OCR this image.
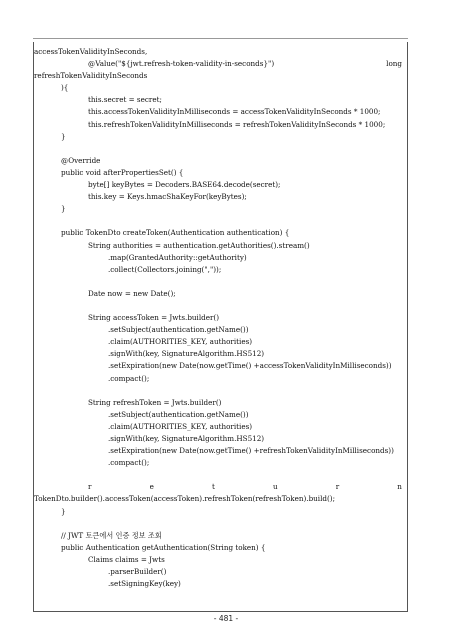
accessTokenValidityInSeconds,
@Value("${jwt.refresh-token-validity-in-seconds}")	long
refreshTokenValidityInSeconds
){
this.secret = secret;
this.accessTokenValidityInMilliseconds = accessTokenValidityInSeconds * 1000;
this.refreshTokenValidityInMilliseconds = refreshTokenValidityInSeconds * 1000;
}
@Override
public void afterPropertiesSet() {
byte[] keyBytes = Decoders.BASE64.decode(secret);
this.key = Keys.hmacShaKeyFor(keyBytes);
}
public TokenDto createToken(Authentication authentication) {
String authorities = authentication.getAuthorities().stream()
.map(GrantedAuthority::getAuthority)
.collect(Collectors.joining(","));
Date now = new Date();
String accessToken = Jwts.builder()
.setSubject(authentication.getName())
.claim(AUTHORITIES_KEY, authorities)
.signWith(key, SignatureAlgorithm.HS512)
.setExpiration(new Date(now.getTime() +accessTokenValidityInMilliseconds))
.compact();
String refreshToken = Jwts.builder()
.setSubject(authentication.getName())
.claim(AUTHORITIES_KEY, authorities)
.signWith(key, SignatureAlgorithm.HS512)
.setExpiration(new Date(now.getTime() +refreshTokenValidityInMilliseconds))
.compact();
r	e	t	u	r	n
TokenDto.builder().accessToken(accessToken).refreshToken(refreshToken).build();
}
// JWT 토큰에서 인증 정보 조회
public Authentication getAuthentication(String token) {
Claims claims = Jwts
.parserBuilder()
.setSigningKey(key)
- 481 -
